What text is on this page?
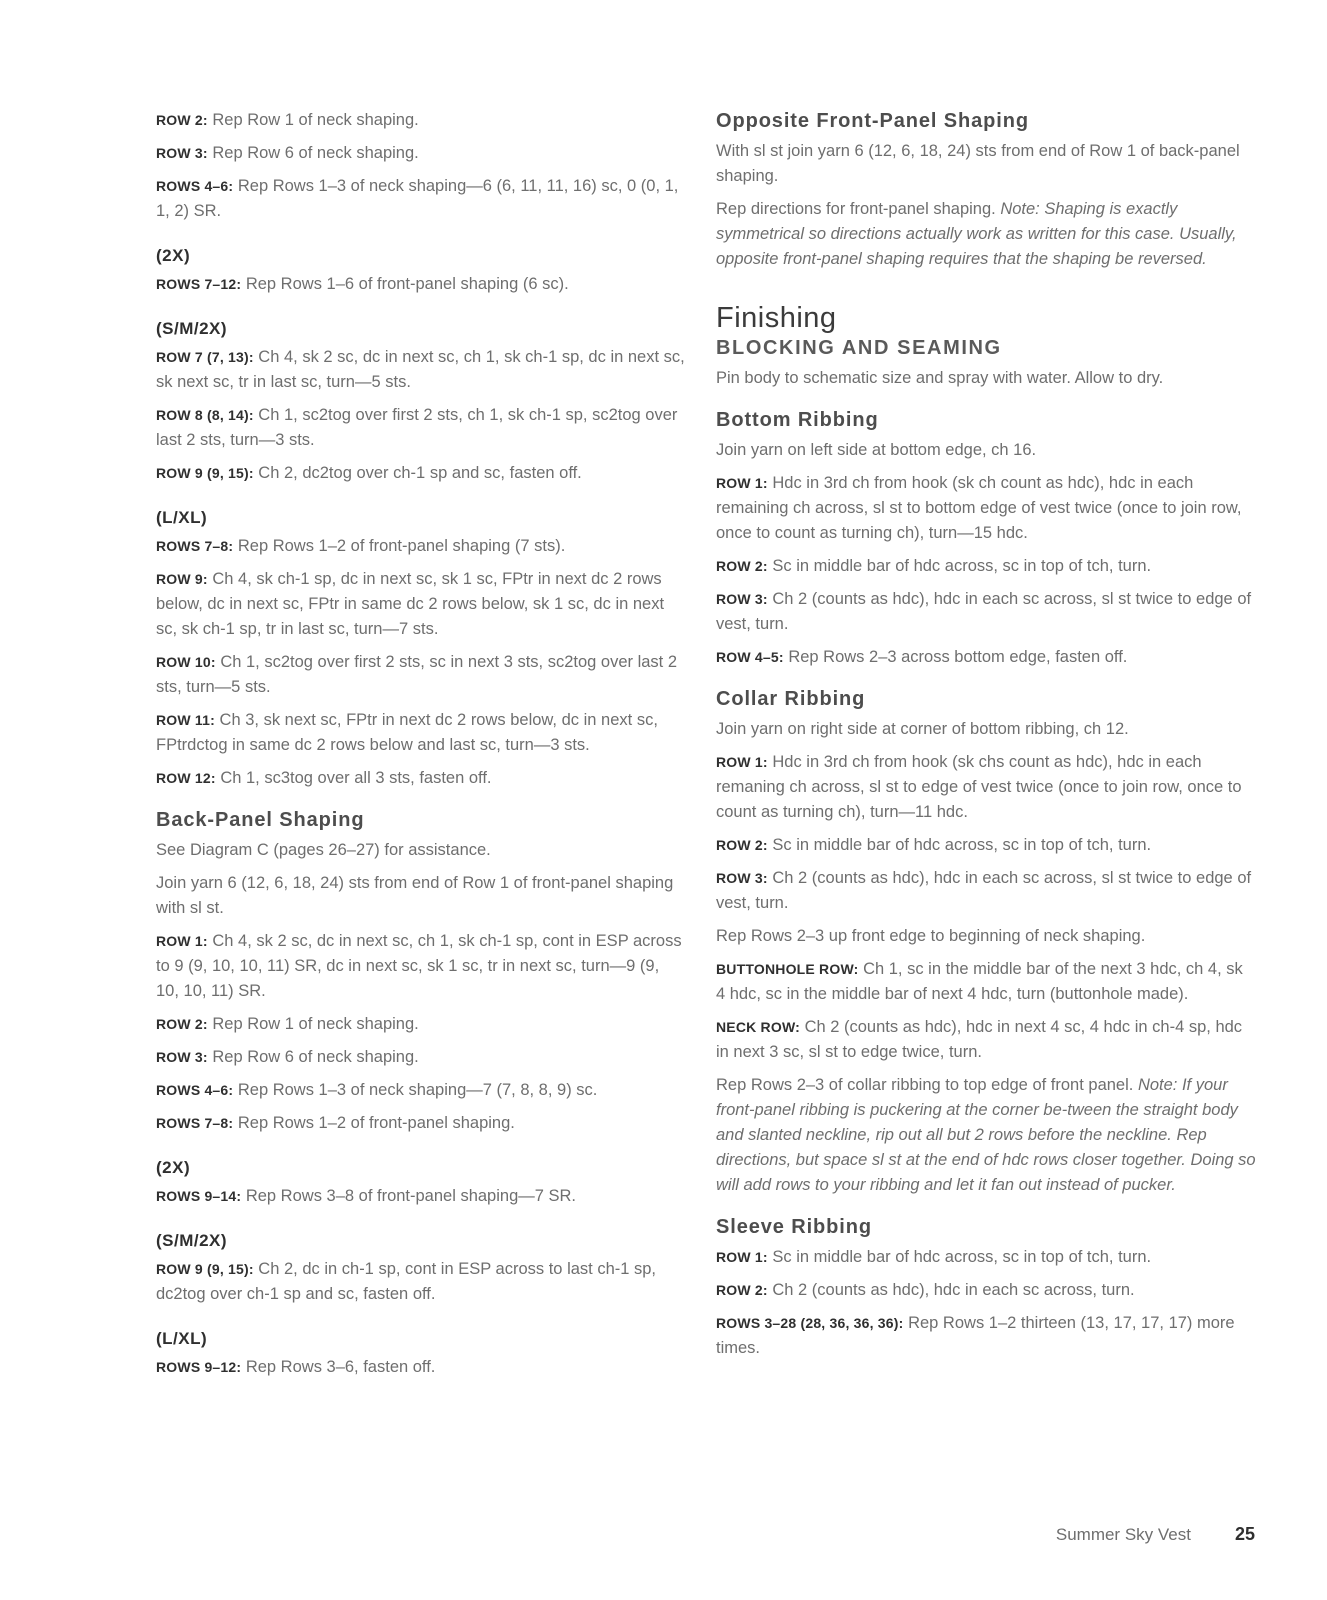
ROW 2: Rep Row 1 of neck shaping.

ROW 3: Rep Row 6 of neck shaping.

ROWS 4–6: Rep Rows 1–3 of neck shaping—6 (6, 11, 11, 16) sc, 0 (0, 1, 1, 2) SR.

(2X)

ROWS 7–12: Rep Rows 1–6 of front-panel shaping (6 sc).

(S/M/2X)

ROW 7 (7, 13): Ch 4, sk 2 sc, dc in next sc, ch 1, sk ch-1 sp, dc in next sc, sk next sc, tr in last sc, turn—5 sts.

ROW 8 (8, 14): Ch 1, sc2tog over first 2 sts, ch 1, sk ch-1 sp, sc2tog over last 2 sts, turn—3 sts.

ROW 9 (9, 15): Ch 2, dc2tog over ch-1 sp and sc, fasten off.

(L/XL)

ROWS 7–8: Rep Rows 1–2 of front-panel shaping (7 sts).

ROW 9: Ch 4, sk ch-1 sp, dc in next sc, sk 1 sc, FPtr in next dc 2 rows below, dc in next sc, FPtr in same dc 2 rows below, sk 1 sc, dc in next sc, sk ch-1 sp, tr in last sc, turn—7 sts.

ROW 10: Ch 1, sc2tog over first 2 sts, sc in next 3 sts, sc2tog over last 2 sts, turn—5 sts.

ROW 11: Ch 3, sk next sc, FPtr in next dc 2 rows below, dc in next sc, FPtrdctog in same dc 2 rows below and last sc, turn—3 sts.

ROW 12: Ch 1, sc3tog over all 3 sts, fasten off.

Back-Panel Shaping

See Diagram C (pages 26–27) for assistance.

Join yarn 6 (12, 6, 18, 24) sts from end of Row 1 of front-panel shaping with sl st.

ROW 1: Ch 4, sk 2 sc, dc in next sc, ch 1, sk ch-1 sp, cont in ESP across to 9 (9, 10, 10, 11) SR, dc in next sc, sk 1 sc, tr in next sc, turn—9 (9, 10, 10, 11) SR.

ROW 2: Rep Row 1 of neck shaping.

ROW 3: Rep Row 6 of neck shaping.

ROWS 4–6: Rep Rows 1–3 of neck shaping—7 (7, 8, 8, 9) sc.

ROWS 7–8: Rep Rows 1–2 of front-panel shaping.

(2X)

ROWS 9–14: Rep Rows 3–8 of front-panel shaping—7 SR.

(S/M/2X)

ROW 9 (9, 15): Ch 2, dc in ch-1 sp, cont in ESP across to last ch-1 sp, dc2tog over ch-1 sp and sc, fasten off.

(L/XL)

ROWS 9–12: Rep Rows 3–6, fasten off.

Opposite Front-Panel Shaping

With sl st join yarn 6 (12, 6, 18, 24) sts from end of Row 1 of back-panel shaping.

Rep directions for front-panel shaping. Note: Shaping is exactly symmetrical so directions actually work as written for this case. Usually, opposite front-panel shaping requires that the shaping be reversed.

Finishing
BLOCKING AND SEAMING

Pin body to schematic size and spray with water. Allow to dry.

Bottom Ribbing

Join yarn on left side at bottom edge, ch 16.

ROW 1: Hdc in 3rd ch from hook (sk ch count as hdc), hdc in each remaining ch across, sl st to bottom edge of vest twice (once to join row, once to count as turning ch), turn—15 hdc.

ROW 2: Sc in middle bar of hdc across, sc in top of tch, turn.

ROW 3: Ch 2 (counts as hdc), hdc in each sc across, sl st twice to edge of vest, turn.

ROW 4–5: Rep Rows 2–3 across bottom edge, fasten off.

Collar Ribbing

Join yarn on right side at corner of bottom ribbing, ch 12.

ROW 1: Hdc in 3rd ch from hook (sk chs count as hdc), hdc in each remaning ch across, sl st to edge of vest twice (once to join row, once to count as turning ch), turn—11 hdc.

ROW 2: Sc in middle bar of hdc across, sc in top of tch, turn.

ROW 3: Ch 2 (counts as hdc), hdc in each sc across, sl st twice to edge of vest, turn.

Rep Rows 2–3 up front edge to beginning of neck shaping.

BUTTONHOLE ROW: Ch 1, sc in the middle bar of the next 3 hdc, ch 4, sk 4 hdc, sc in the middle bar of next 4 hdc, turn (buttonhole made).

NECK ROW: Ch 2 (counts as hdc), hdc in next 4 sc, 4 hdc in ch-4 sp, hdc in next 3 sc, sl st to edge twice, turn.

Rep Rows 2–3 of collar ribbing to top edge of front panel. Note: If your front-panel ribbing is puckering at the corner be-tween the straight body and slanted neckline, rip out all but 2 rows before the neckline. Rep directions, but space sl st at the end of hdc rows closer together. Doing so will add rows to your ribbing and let it fan out instead of pucker.

Sleeve Ribbing

ROW 1: Sc in middle bar of hdc across, sc in top of tch, turn.

ROW 2: Ch 2 (counts as hdc), hdc in each sc across, turn.

ROWS 3–28 (28, 36, 36, 36): Rep Rows 1–2 thirteen (13, 17, 17, 17) more times.

Summer Sky Vest 25
